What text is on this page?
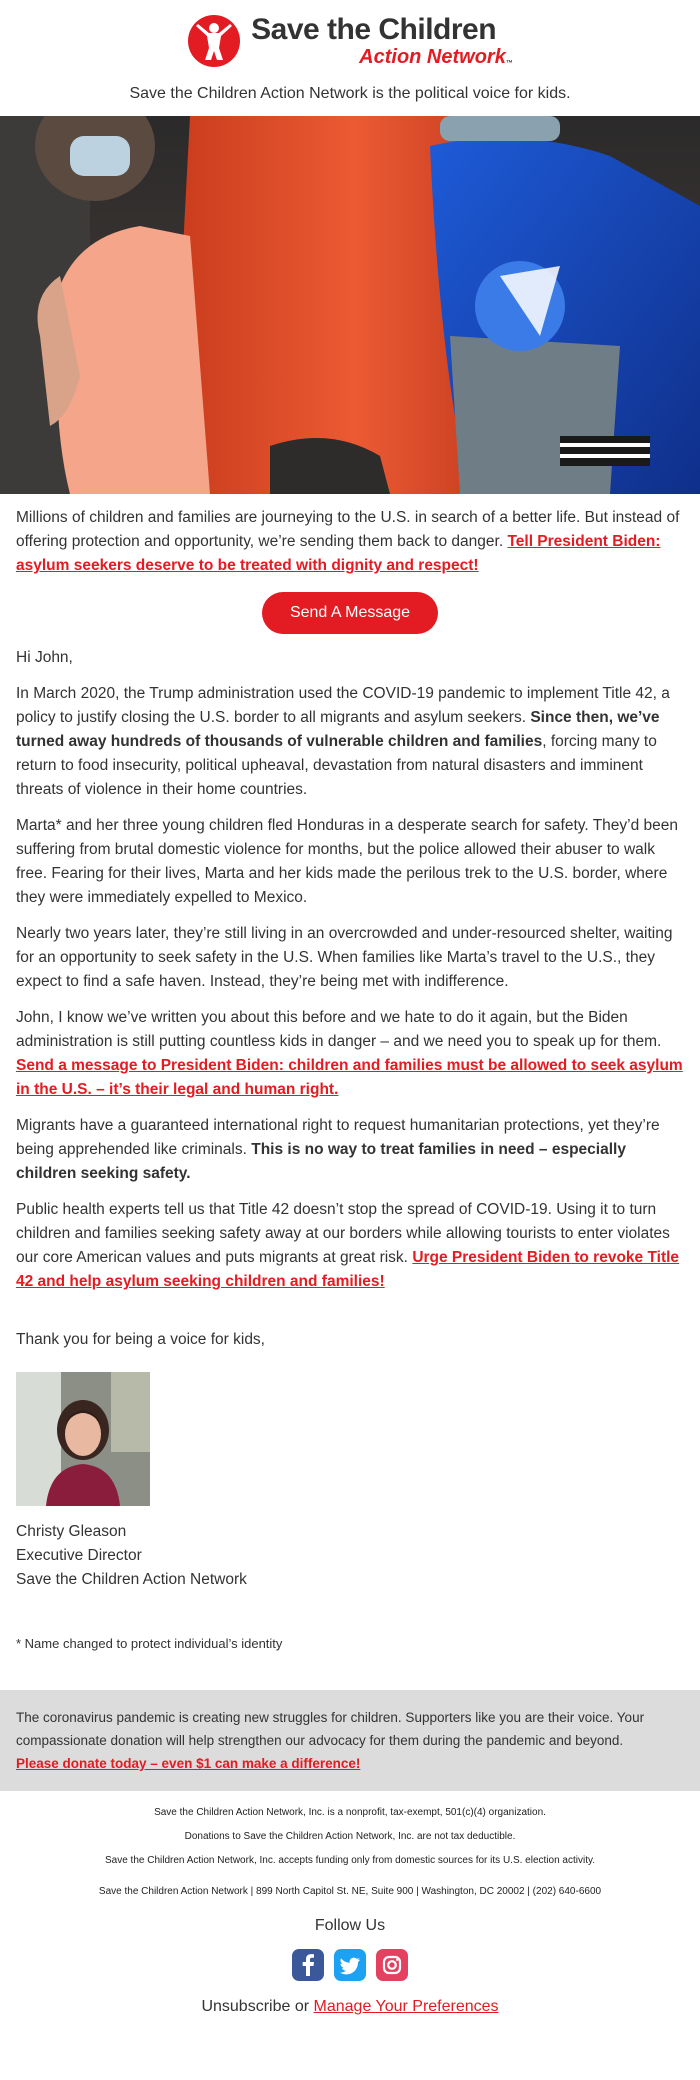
Save the Children
Action Network™
Save the Children Action Network is the political voice for kids.

Millions of children and families are journeying to the U.S. in search of a better life. But instead of offering protection and opportunity, we’re sending them back to danger. Tell President Biden: asylum seekers deserve to be treated with dignity and respect!

Send A Message

Hi John,

In March 2020, the Trump administration used the COVID-19 pandemic to implement Title 42, a policy to justify closing the U.S. border to all migrants and asylum seekers. Since then, we’ve turned away hundreds of thousands of vulnerable children and families, forcing many to return to food insecurity, political upheaval, devastation from natural disasters and imminent threats of violence in their home countries.

Marta* and her three young children fled Honduras in a desperate search for safety. They’d been suffering from brutal domestic violence for months, but the police allowed their abuser to walk free. Fearing for their lives, Marta and her kids made the perilous trek to the U.S. border, where they were immediately expelled to Mexico.

Nearly two years later, they’re still living in an overcrowded and under-resourced shelter, waiting for an opportunity to seek safety in the U.S. When families like Marta’s travel to the U.S., they expect to find a safe haven. Instead, they’re being met with indifference.

John, I know we’ve written you about this before and we hate to do it again, but the Biden administration is still putting countless kids in danger – and we need you to speak up for them. Send a message to President Biden: children and families must be allowed to seek asylum in the U.S. – it’s their legal and human right.

Migrants have a guaranteed international right to request humanitarian protections, yet they’re being apprehended like criminals. This is no way to treat families in need – especially children seeking safety.

Public health experts tell us that Title 42 doesn’t stop the spread of COVID-19. Using it to turn children and families seeking safety away at our borders while allowing tourists to enter violates our core American values and puts migrants at great risk. Urge President Biden to revoke Title 42 and help asylum seeking children and families!

Thank you for being a voice for kids,

Christy Gleason
Executive Director
Save the Children Action Network

* Name changed to protect individual’s identity

The coronavirus pandemic is creating new struggles for children. Supporters like you are their voice. Your compassionate donation will help strengthen our advocacy for them during the pandemic and beyond.
Please donate today – even $1 can make a difference!

Save the Children Action Network, Inc. is a nonprofit, tax-exempt, 501(c)(4) organization.

Donations to Save the Children Action Network, Inc. are not tax deductible.

Save the Children Action Network, Inc. accepts funding only from domestic sources for its U.S. election activity.

Save the Children Action Network | 899 North Capitol St. NE, Suite 900 | Washington, DC 20002 | (202) 640-6600

Follow Us
Unsubscribe or Manage Your Preferences
